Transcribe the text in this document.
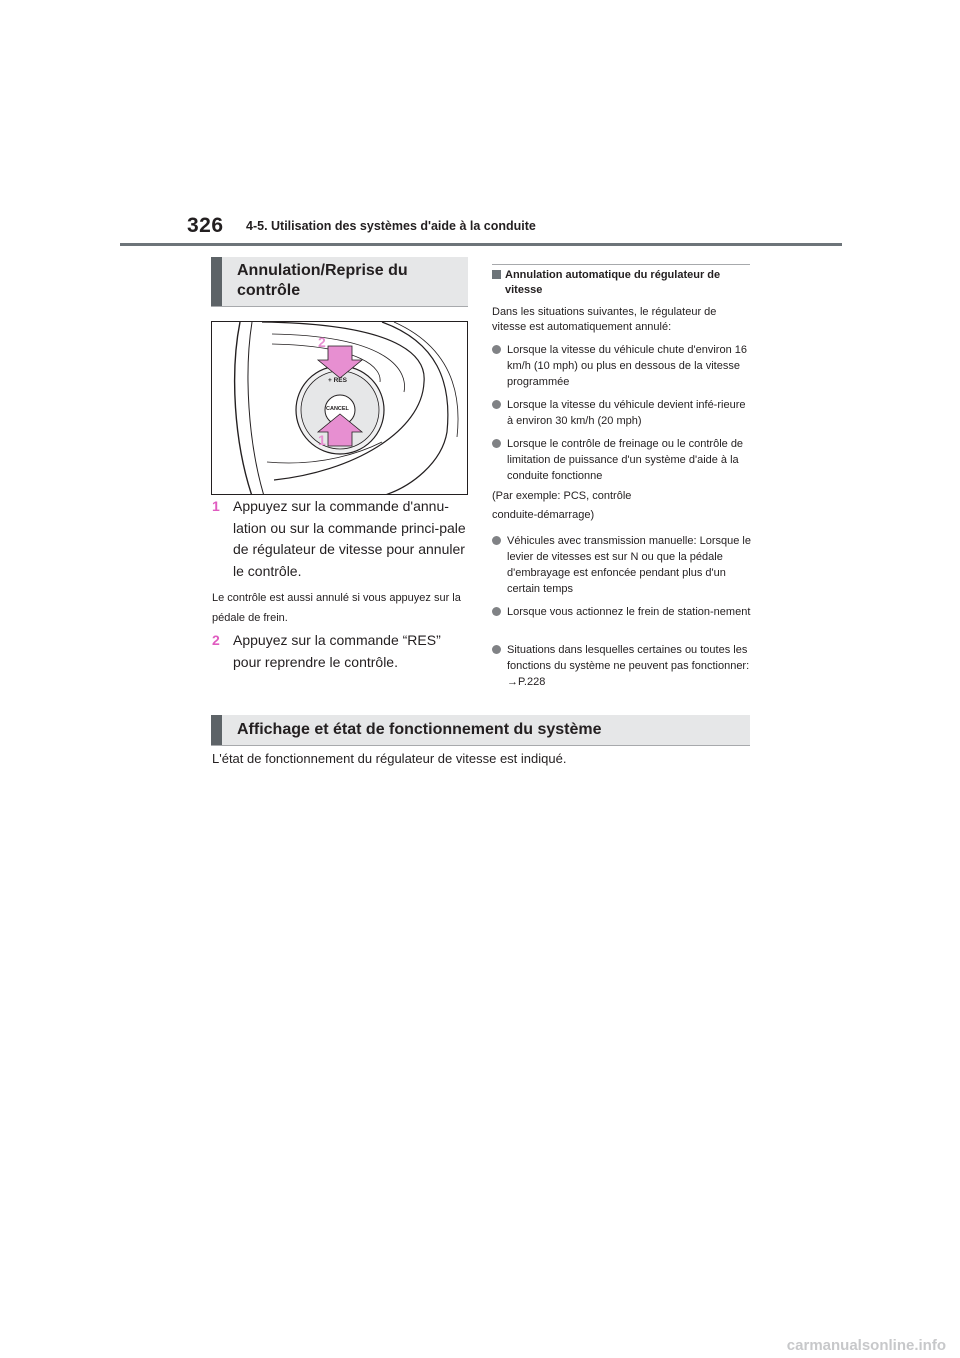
326 4-5. Utilisation des systèmes d'aide à la conduite
Annulation/Reprise du contrôle
2
1
+ RES
CANCEL
1 Appuyez sur la commande d'annu-lation ou sur la commande princi-pale de régulateur de vitesse pour annuler le contrôle.
Le contrôle est aussi annulé si vous appuyez sur la pédale de frein.
2 Appuyez sur la commande “RES” pour reprendre le contrôle.
Annulation automatique du régulateur de vitesse
Dans les situations suivantes, le régulateur de vitesse est automatiquement annulé:
Lorsque la vitesse du véhicule chute d'environ 16 km/h (10 mph) ou plus en dessous de la vitesse programmée
Lorsque la vitesse du véhicule devient infé-rieure à environ 30 km/h (20 mph)
Lorsque le contrôle de freinage ou le contrôle de limitation de puissance d'un système d'aide à la conduite fonctionne
(Par exemple: PCS, contrôle conduite-démarrage)
Véhicules avec transmission manuelle: Lorsque le levier de vitesses est sur N ou que la pédale d'embrayage est enfoncée pendant plus d'un certain temps
Lorsque vous actionnez le frein de station-nement
Situations dans lesquelles certaines ou toutes les fonctions du système ne peuvent pas fonctionner: →P.228
Affichage et état de fonctionnement du système
L'état de fonctionnement du régulateur de vitesse est indiqué.
carmanualsonline.info
